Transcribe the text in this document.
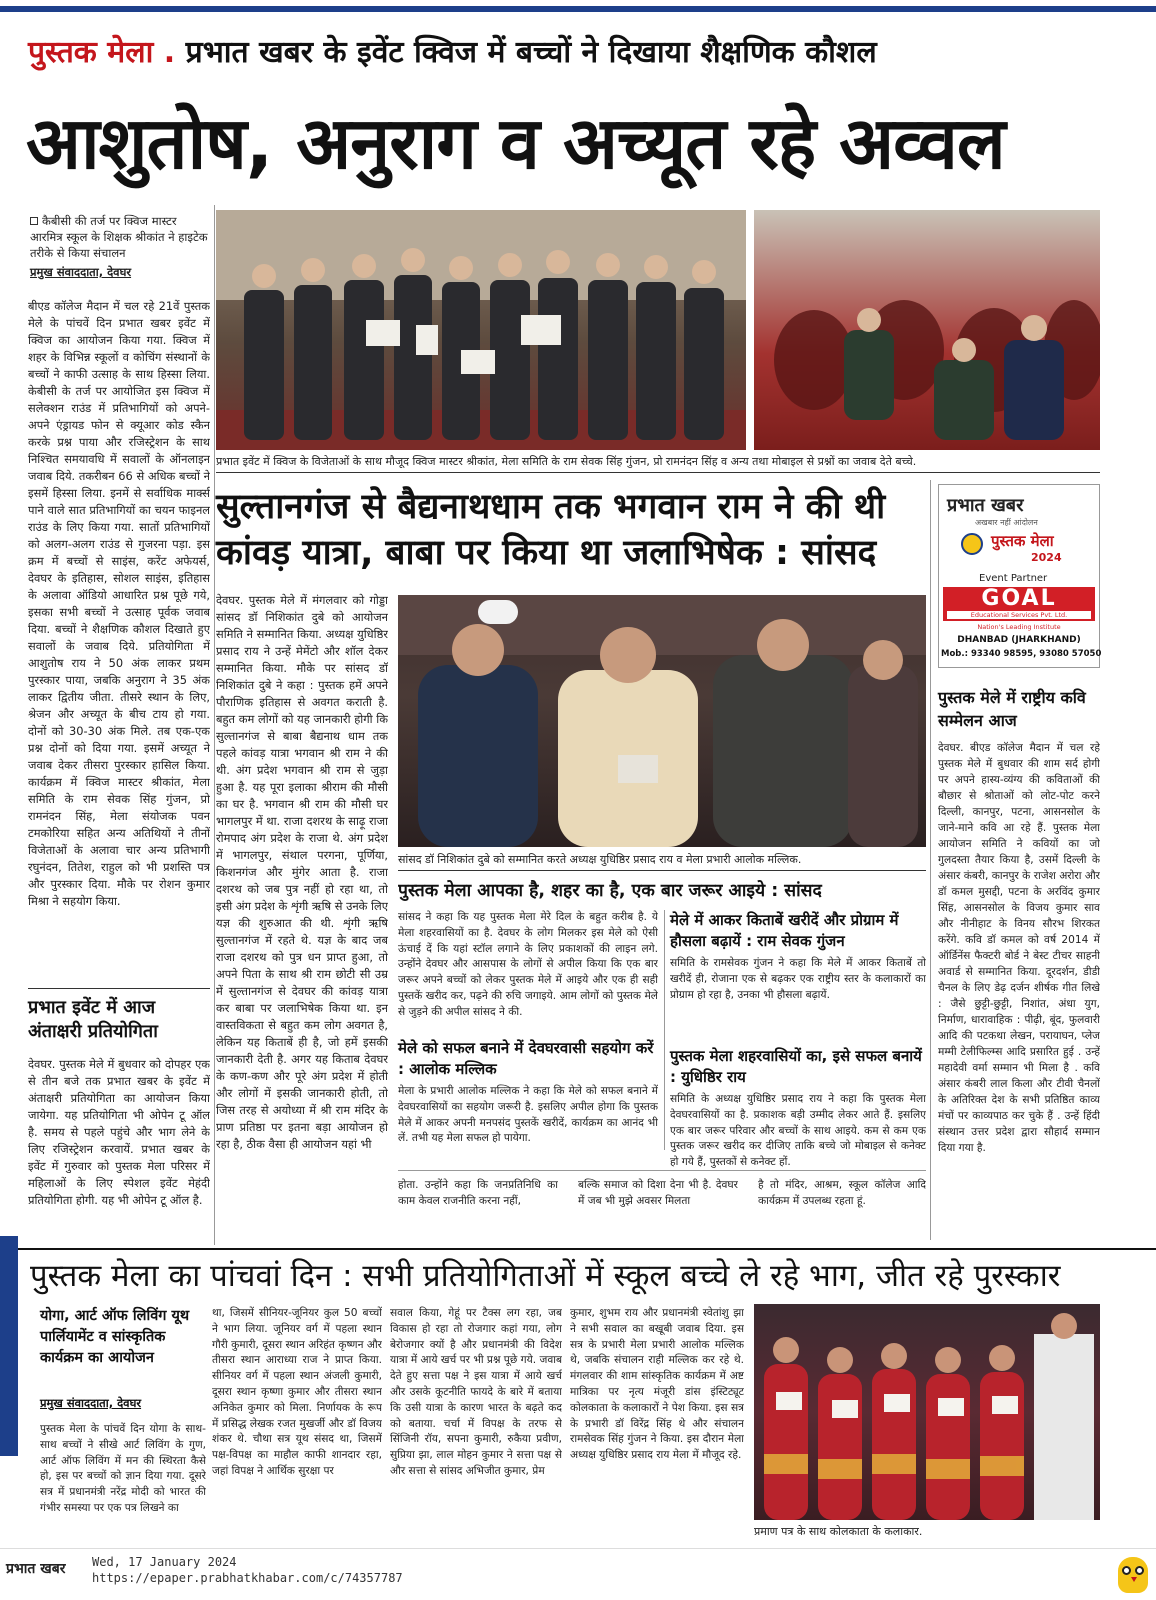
पुस्तक मेला . प्रभात खबर के इवेंट क्विज में बच्चों ने दिखाया शैक्षणिक कौशल
आशुतोष, अनुराग व अच्यूत रहे अव्वल
कैबीसी की तर्ज पर क्विज मास्टर आरमित्र स्कूल के शिक्षक श्रीकांत ने हाइटेक तरीके से किया संचालन
प्रमुख संवाददाता, देवघर
बीएड कॉलेज मैदान में चल रहे 21वें पुस्तक मेले के पांचवें दिन प्रभात खबर इवेंट में क्विज का आयोजन किया गया. क्विज में शहर के विभिन्न स्कूलों व कोचिंग संस्थानों के बच्चों ने काफी उत्साह के साथ हिस्सा लिया. केबीसी के तर्ज पर आयोजित इस क्विज में सलेक्शन राउंड में प्रतिभागियों को अपने-अपने एंड्रायड फोन से क्यूआर कोड स्कैन करके प्रश्न पाया और रजिस्ट्रेशन के साथ निश्चित समयावधि में सवालों के ऑनलाइन जवाब दिये. तकरीबन 66 से अधिक बच्चों ने इसमें हिस्सा लिया. इनमें से सर्वाधिक मार्क्स पाने वाले सात प्रतिभागियों का चयन फाइनल राउंड के लिए किया गया. सातों प्रतिभागियों को अलग-अलग राउंड से गुजरना पड़ा. इस क्रम में बच्चों से साइंस, करेंट अफेयर्स, देवघर के इतिहास, सोशल साइंस, इतिहास के अलावा ऑडियो आधारित प्रश्न पूछे गये, इसका सभी बच्चों ने उत्साह पूर्वक जवाब दिया. बच्चों ने शैक्षणिक कौशल दिखाते हुए सवालों के जवाब दिये. प्रतियोगिता में आशुतोष राय ने 50 अंक लाकर प्रथम पुरस्कार पाया, जबकि अनुराग ने 35 अंक लाकर द्वितीय जीता. तीसरे स्थान के लिए, श्रेजन और अच्यूत के बीच टाय हो गया. दोनों को 30-30 अंक मिले. तब एक-एक प्रश्न दोनों को दिया गया. इसमें अच्यूत ने जवाब देकर तीसरा पुरस्कार हासिल किया. कार्यक्रम में क्विज मास्टर श्रीकांत, मेला समिति के राम सेवक सिंह गुंजन, प्रो रामनंदन सिंह, मेला संयोजक पवन टमकोरिया सहित अन्य अतिथियों ने तीनों विजेताओं के अलावा चार अन्य प्रतिभागी रघुनंदन, तितेश, राहुल को भी प्रशस्ति पत्र और पुरस्कार दिया. मौके पर रोशन कुमार मिश्रा ने सहयोग किया.
प्रभात इवेंट में आज अंताक्षरी प्रतियोगिता
देवघर. पुस्तक मेले में बुधवार को दोपहर एक से तीन बजे तक प्रभात खबर के इवेंट में अंताक्षरी प्रतियोगिता का आयोजन किया जायेगा. यह प्रतियोगिता भी ओपेन टू ऑल है. समय से पहले पहुंचे और भाग लेने के लिए रजिस्ट्रेशन करवायें. प्रभात खबर के इवेंट में गुरुवार को पुस्तक मेला परिसर में महिलाओं के लिए स्पेशल इवेंट मेहंदी प्रतियोगिता होगी. यह भी ओपेन टू ऑल है.
प्रभात इवेंट में क्विज के विजेताओं के साथ मौजूद क्विज मास्टर श्रीकांत, मेला समिति के राम सेवक सिंह गुंजन, प्रो रामनंदन सिंह व अन्य तथा मोबाइल से प्रश्नों का जवाब देते बच्चे.
सुल्तानगंज से बैद्यनाथधाम तक भगवान राम ने की थी कांवड़ यात्रा, बाबा पर किया था जलाभिषेक : सांसद
देवघर. पुस्तक मेले में मंगलवार को गोड्डा सांसद डॉ निशिकांत दुबे को आयोजन समिति ने सम्मानित किया. अध्यक्ष युधिष्ठिर प्रसाद राय ने उन्हें मेमेंटो और शॉल देकर सम्मानित किया. मौके पर सांसद डॉ निशिकांत दुबे ने कहा : पुस्तक हमें अपने पौराणिक इतिहास से अवगत कराती है. बहुत कम लोगों को यह जानकारी होगी कि सुल्तानगंज से बाबा बैद्यनाथ धाम तक पहले कांवड़ यात्रा भगवान श्री राम ने की थी. अंग प्रदेश भगवान श्री राम से जुड़ा हुआ है. यह पूरा इलाका श्रीराम की मौसी का घर है. भगवान श्री राम की मौसी घर भागलपुर में था. राजा दशरथ के साढ़ू राजा रोमपाद अंग प्रदेश के राजा थे. अंग प्रदेश में भागलपुर, संथाल परगना, पूर्णिया, किशनगंज और मुंगेर आता है. राजा दशरथ को जब पुत्र नहीं हो रहा था, तो इसी अंग प्रदेश के शृंगी ऋषि से उनके लिए यज्ञ की शुरुआत की थी. शृंगी ऋषि सुल्तानगंज में रहते थे. यज्ञ के बाद जब राजा दशरथ को पुत्र धन प्राप्त हुआ, तो अपने पिता के साथ श्री राम छोटी सी उम्र में सुल्तानगंज से देवघर की कांवड़ यात्रा कर बाबा पर जलाभिषेक किया था. इन वास्तविकता से बहुत कम लोग अवगत है, लेकिन यह किताबें ही है, जो हमें इसकी जानकारी देती है. अगर यह किताब देवघर के कण-कण और पूरे अंग प्रदेश में होती और लोगों में इसकी जानकारी होती, तो जिस तरह से अयोध्या में श्री राम मंदिर के प्राण प्रतिष्ठा पर इतना बड़ा आयोजन हो रहा है, ठीक वैसा ही आयोजन यहां भी
सांसद डॉ निशिकांत दुबे को सम्मानित करते अध्यक्ष युधिष्ठिर प्रसाद राय व मेला प्रभारी आलोक मल्लिक.
पुस्तक मेला आपका है, शहर का है, एक बार जरूर आइये : सांसद
सांसद ने कहा कि यह पुस्तक मेला मेरे दिल के बहुत करीब है. ये मेला शहरवासियों का है. देवघर के लोग मिलकर इस मेले को ऐसी ऊंचाई दें कि यहां स्टॉल लगाने के लिए प्रकाशकों की लाइन लगे. उन्होंने देवघर और आसपास के लोगों से अपील किया कि एक बार जरूर अपने बच्चों को लेकर पुस्तक मेले में आइये और एक ही सही पुस्तकें खरीद कर, पढ़ने की रुचि जगाइये. आम लोगों को पुस्तक मेले से जुड़ने की अपील सांसद ने की.
मेले में आकर किताबें खरीदें और प्रोग्राम में हौसला बढ़ायें : राम सेवक गुंजन
समिति के रामसेवक गुंजन ने कहा कि मेले में आकर किताबें तो खरीदें ही, रोजाना एक से बढ़कर एक राष्ट्रीय स्तर के कलाकारों का प्रोग्राम हो रहा है, उनका भी हौसला बढ़ायें.
मेले को सफल बनाने में देवघरवासी सहयोग करें : आलोक मल्लिक
मेला के प्रभारी आलोक मल्लिक ने कहा कि मेले को सफल बनाने में देवघरवासियों का सहयोग जरूरी है. इसलिए अपील होगा कि पुस्तक मेले में आकर अपनी मनपसंद पुस्तकें खरीदें, कार्यक्रम का आनंद भी लें. तभी यह मेला सफल हो पायेगा.
पुस्तक मेला शहरवासियों का, इसे सफल बनायें : युधिष्ठिर राय
समिति के अध्यक्ष युधिष्ठिर प्रसाद राय ने कहा कि पुस्तक मेला देवघरवासियों का है. प्रकाशक बड़ी उम्मीद लेकर आते हैं. इसलिए एक बार जरूर परिवार और बच्चों के साथ आइये. कम से कम एक पुस्तक जरूर खरीद कर दीजिए ताकि बच्चे जो मोबाइल से कनेक्ट हो गये हैं, पुस्तकों से कनेक्ट हों.
होता. उन्होंने कहा कि जनप्रतिनिधि का काम केवल राजनीति करना नहीं,
बल्कि समाज को दिशा देना भी है. देवघर में जब भी मुझे अवसर मिलता
है तो मंदिर, आश्रम, स्कूल कॉलेज आदि कार्यक्रम में उपलब्ध रहता हूं.
प्रभात खबर
अखबार नहीं आंदोलन
पुस्तक मेला
2024
Event Partner
GOAL
Educational Services Pvt. Ltd.
Nation's Leading Institute
DHANBAD (JHARKHAND)
Mob.: 93340 98595, 93080 57050
पुस्तक मेले में राष्ट्रीय कवि सम्मेलन आज
देवघर. बीएड कॉलेज मैदान में चल रहे पुस्तक मेले में बुधवार की शाम सर्द होगी पर अपने हास्य-व्यंग्य की कविताओं की बौछार से श्रोताओं को लोट-पोट करने दिल्ली, कानपुर, पटना, आसनसोल के जाने-माने कवि आ रहे हैं. पुस्तक मेला आयोजन समिति ने कवियों का जो गुलदस्ता तैयार किया है, उसमें दिल्ली के अंसार कंबरी, कानपुर के राजेश अरोरा और डॉ कमल मुसद्दी, पटना के अरविंद कुमार सिंह, आसनसोल के विजय कुमार साव और नीनीहाट के विनय सौरभ शिरकत करेंगे. कवि डॉ कमल को वर्ष 2014 में ऑर्डिनेंस फैक्टरी बोर्ड ने बेस्ट टीचर साहनी अवार्ड से सम्मानित किया. दूरदर्शन, डीडी चैनल के लिए डेढ़ दर्जन शीर्षक गीत लिखे : जैसे छुट्टी-छुट्टी, निशांत, अंधा युग, निर्माण, धारावाहिक : पीढ़ी, बूंद, फुलवारी आदि की पटकथा लेखन, परायाघन, प्लेज मम्मी टेलीफिल्म्स आदि प्रसारित हुई . उन्हें महादेवी वर्मा सम्मान भी मिला है . कवि अंसार कंबरी लाल किला और टीवी चैनलों के अतिरिक्त देश के सभी प्रतिष्ठित काव्य मंचों पर काव्यपाठ कर चुके हैं . उन्हें हिंदी संस्थान उत्तर प्रदेश द्वारा सौहार्द सम्मान दिया गया है.
पुस्तक मेला का पांचवां दिन : सभी प्रतियोगिताओं में स्कूल बच्चे ले रहे भाग, जीत रहे पुरस्कार
योगा, आर्ट ऑफ लिविंग यूथ पार्लियामेंट व सांस्कृतिक कार्यक्रम का आयोजन
प्रमुख संवाददाता, देवघर
पुस्तक मेला के पांचवें दिन योगा के साथ-साथ बच्चों ने सीखे आर्ट लिविंग के गुण, आर्ट ऑफ लिविंग में मन की स्थिरता कैसे हो, इस पर बच्चों को ज्ञान दिया गया. दूसरे सत्र में प्रधानमंत्री नरेंद्र मोदी को भारत की गंभीर समस्या पर एक पत्र लिखने का
था, जिसमें सीनियर-जूनियर कुल 50 बच्चों ने भाग लिया. जूनियर वर्ग में पहला स्थान गौरी कुमारी, दूसरा स्थान अरिहंत कृष्णन और तीसरा स्थान आराध्या राज ने प्राप्त किया. सीनियर वर्ग में पहला स्थान अंजली कुमारी, दूसरा स्थान कृष्णा कुमार और तीसरा स्थान अनिकेत कुमार को मिला. निर्णायक के रूप में प्रसिद्ध लेखक रजत मुखर्जी और डॉ विजय शंकर थे. चौथा सत्र यूथ संसद था, जिसमें पक्ष-विपक्ष का माहौल काफी शानदार रहा, जहां विपक्ष ने आर्थिक सुरक्षा पर
सवाल किया, गेहूं पर टैक्स लग रहा, जब विकास हो रहा तो रोजगार कहां गया, लोग बेरोजगार क्यों है और प्रधानमंत्री की विदेश यात्रा में आये खर्च पर भी प्रश्न पूछे गये. जवाब देते हुए सत्ता पक्ष ने इस यात्रा में आये खर्च और उसके कूटनीति फायदे के बारे में बताया कि उसी यात्रा के कारण भारत के बढ़ते कद को बताया. चर्चा में विपक्ष के तरफ से सिंजिनी रॉय, सपना कुमारी, रुकैया प्रवीण, सुप्रिया झा, लाल मोहन कुमार ने सत्ता पक्ष से और सत्ता से सांसद अभिजीत कुमार, प्रेम
कुमार, शुभम राय और प्रधानमंत्री स्वेतांशु झा ने सभी सवाल का बखूबी जवाब दिया. इस सत्र के प्रभारी मेला प्रभारी आलोक मल्लिक थे, जबकि संचालन राही मल्लिक कर रहे थे. मंगलवार की शाम सांस्कृतिक कार्यक्रम में अष्ट मात्रिका पर नृत्य मंजूरी डांस इंस्टिट्यूट कोलकाता के कलाकारों ने पेश किया. इस सत्र के प्रभारी डॉ विरेंद्र सिंह थे और संचालन रामसेवक सिंह गुंजन ने किया. इस दौरान मेला अध्यक्ष युधिष्ठिर प्रसाद राय मेला में मौजूद रहे.
प्रमाण पत्र के साथ कोलकाता के कलाकार.
प्रभात खबर Wed, 17 January 2024
https://epaper.prabhatkhabar.com/c/74357787
